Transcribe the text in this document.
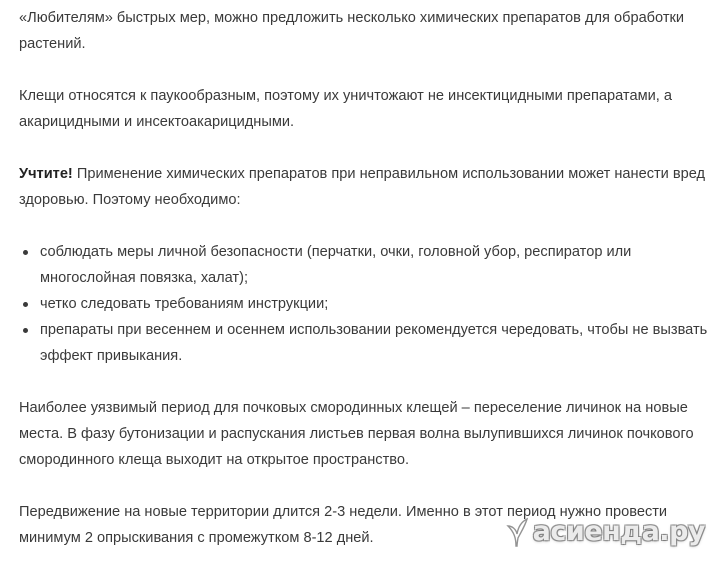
«Любителям» быстрых мер, можно предложить несколько химических препаратов для обработки растений.

Клещи относятся к паукообразным, поэтому их уничтожают не инсектицидными препаратами, а акарицидными и инсектоакарицидными.

Учтите! Применение химических препаратов при неправильном использовании может нанести вред здоровью. Поэтому необходимо:

соблюдать меры личной безопасности (перчатки, очки, головной убор, респиратор или многослойная повязка, халат);
четко следовать требованиям инструкции;
препараты при весеннем и осеннем использовании рекомендуется чередовать, чтобы не вызвать эффект привыкания.

Наиболее уязвимый период для почковых смородинных клещей – переселение личинок на новые места. В фазу бутонизации и распускания листьев первая волна вылупившихся личинок почкового смородинного клеща выходит на открытое пространство.

Передвижение на новые территории длится 2-3 недели. Именно в этот период нужно провести минимум 2 опрыскивания с промежутком 8-12 дней.	асиенда.ру
